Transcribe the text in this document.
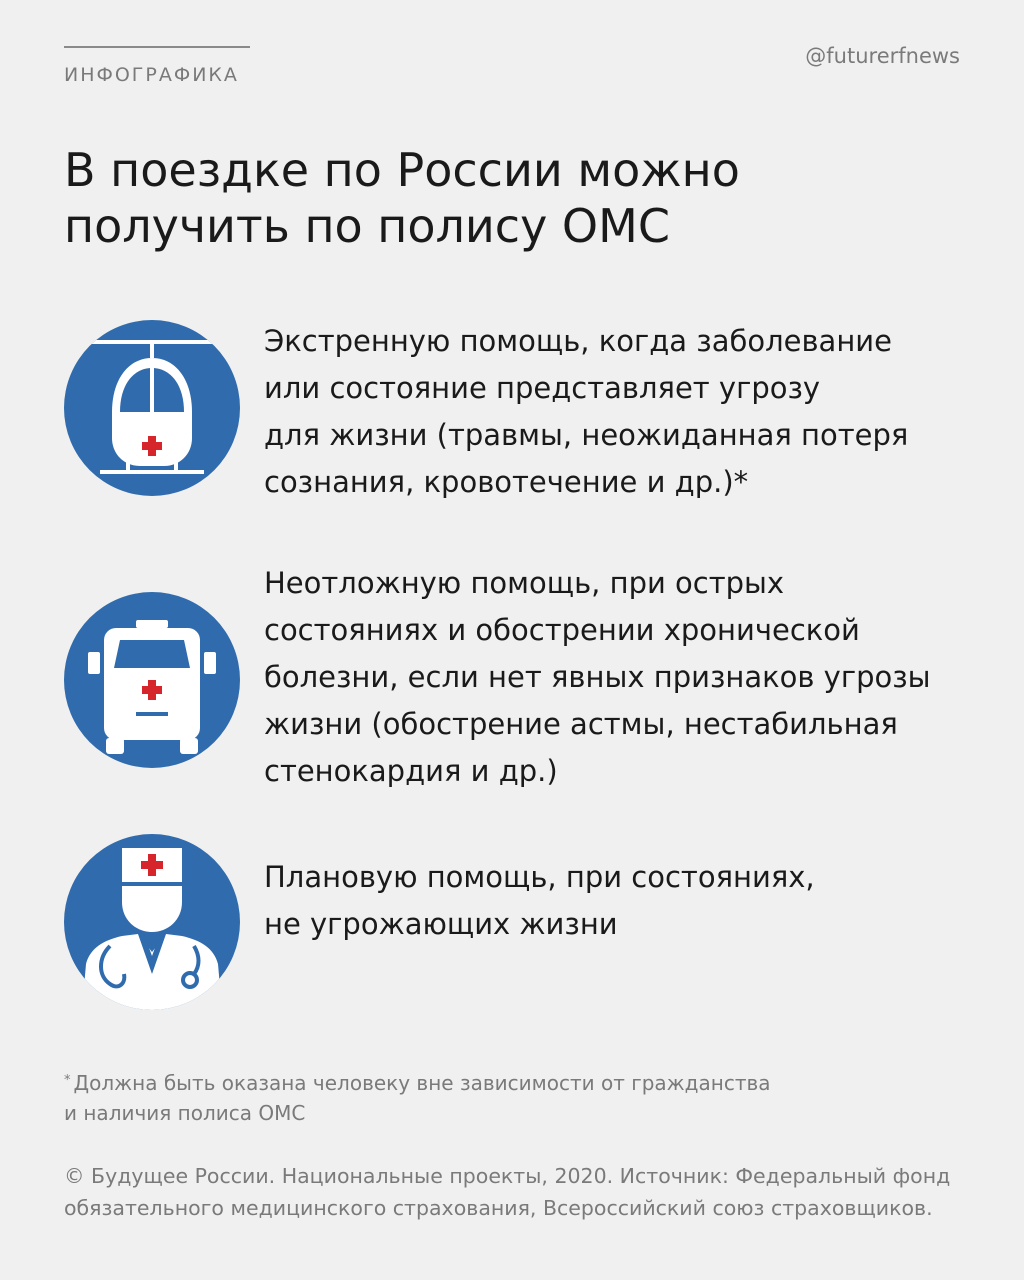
ИНФОГРАФИКА
@futurerfnews
В поездке по России можно
получить по полису ОМС
Экстренную помощь, когда заболевание
или состояние представляет угрозу
для жизни (травмы, неожиданная потеря
сознания, кровотечение и др.)*
Неотложную помощь, при острых
состояниях и обострении хронической
болезни, если нет явных признаков угрозы
жизни (обострение астмы, нестабильная
стенокардия и др.)
Плановую помощь, при состояниях,
не угрожающих жизни
* Должна быть оказана человеку вне зависимости от гражданства
и наличия полиса ОМС
© Будущее России. Национальные проекты, 2020. Источник: Федеральный фонд
обязательного медицинского страхования, Всероссийский союз страховщиков.
